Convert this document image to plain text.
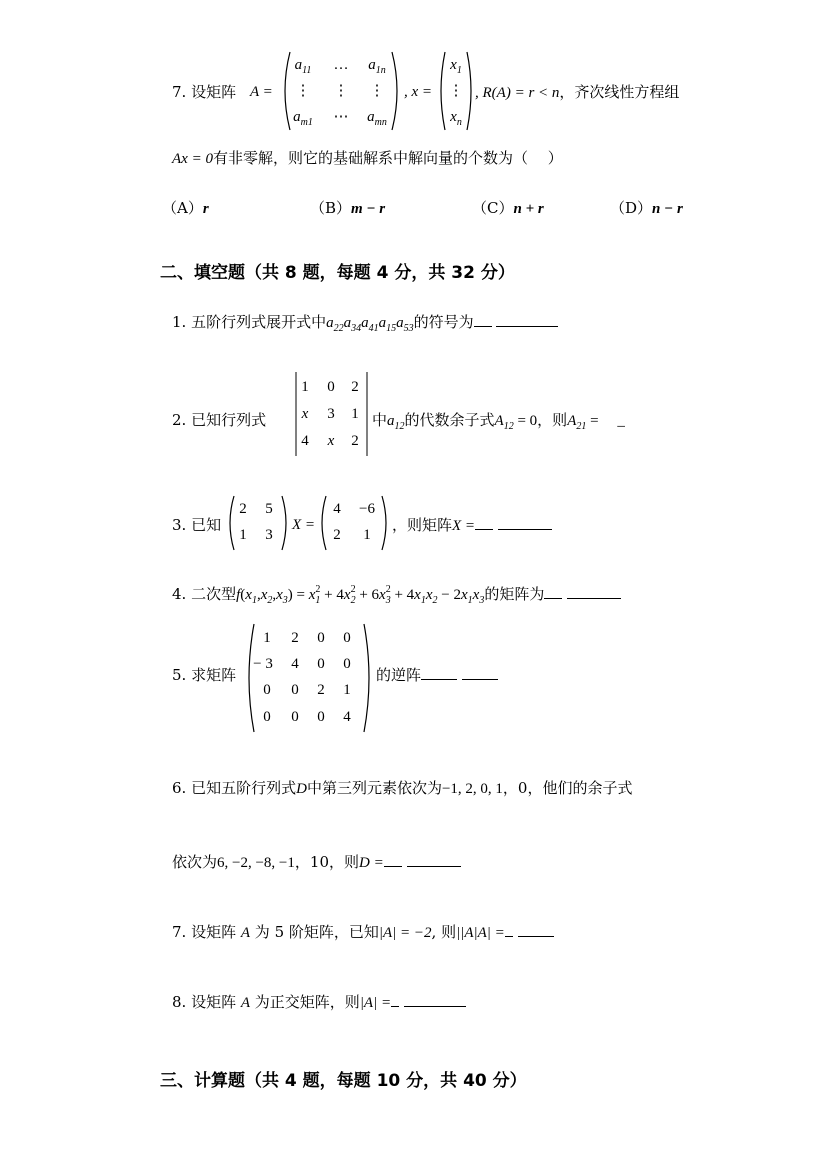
7. 设矩阵 A =
$a_{11}$	…	$a_{1n}$
⋮	⋮	⋮
$a_{m1}$	⋯	$a_{mn}$
, x =
$x_1$
⋮
$x_n$
, R(A) = r < n，齐次线性方程组
Ax = 0有非零解，则它的基础解系中解向量的个数为（　 ）
（A）r	（B）m − r	（C）n + r	（D）n − r
二、填空题（共 8 题，每题 4 分，共 32 分）
1. 五阶行列式展开式中$a_{22}a_{34}a_{41}a_{15}a_{53}$的符号为
2. 已知行列式
1	0	2
x	3	1
4	x	2
中$a_{12}$的代数余子式$A_{12} = 0$，则$A_{21}$ =　 _
3. 已知
2	5
1	3
X =
4	−6
2	1
，则矩阵X =
4. 二次型$f(x_1,x_2,x_3) = x_1^2 + 4x_2^2 + 6x_3^2 + 4x_1x_2 - 2x_1x_3$的矩阵为
5. 求矩阵
1	2	0	0
− 3	4	0	0
0	0	2	1
0	0	0	4
的逆阵
6. 已知五阶行列式D中第三列元素依次为−1, 2, 0, 1，0，他们的余子式
依次为6, −2, −8, −1，10，则D =
7. 设矩阵 A 为 5 阶矩阵，已知|A| = −2, 则||A|A| =
8. 设矩阵 A 为正交矩阵，则|A| =
三、计算题（共 4 题，每题 10 分，共 40 分）
